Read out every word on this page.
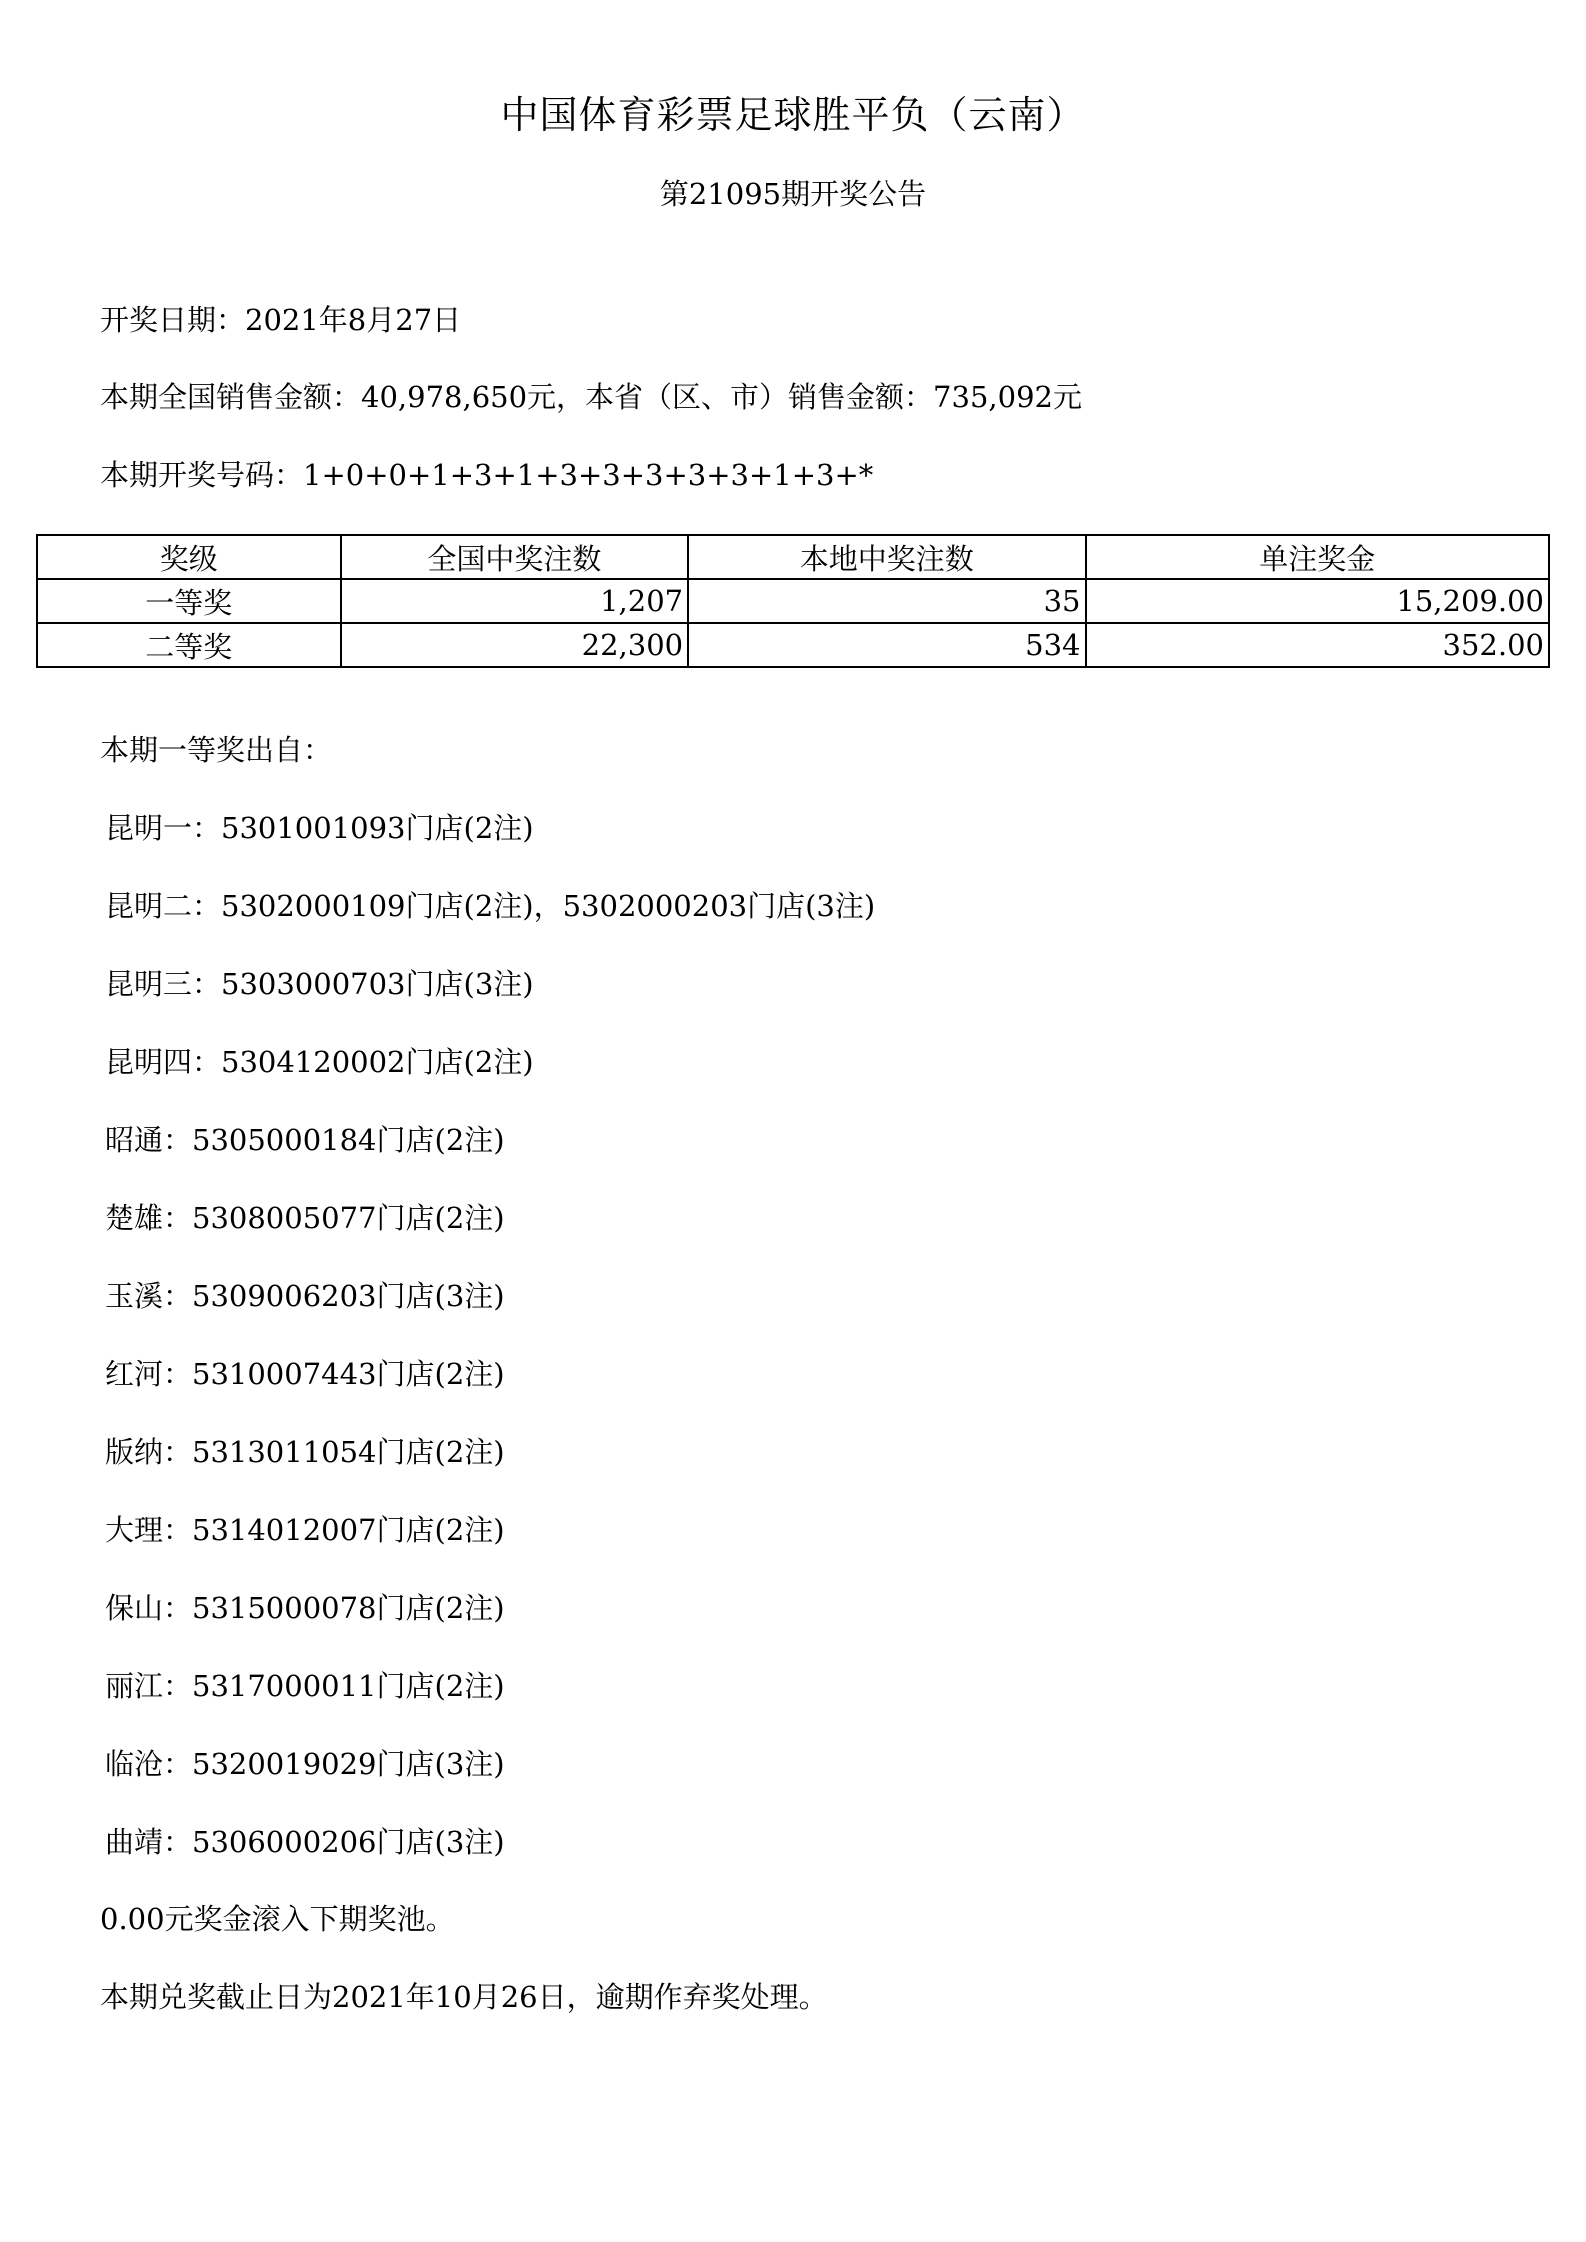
中国体育彩票足球胜平负（云南）
第21095期开奖公告
开奖日期：2021年8月27日
本期全国销售金额：40,978,650元，本省（区、市）销售金额：735,092元
本期开奖号码：1+0+0+1+3+1+3+3+3+3+3+1+3+*
奖级	全国中奖注数	本地中奖注数	单注奖金
一等奖	1,207	35	15,209.00
二等奖	22,300	534	352.00
本期一等奖出自：
昆明一：5301001093门店(2注)
昆明二：5302000109门店(2注)，5302000203门店(3注)
昆明三：5303000703门店(3注)
昆明四：5304120002门店(2注)
昭通：5305000184门店(2注)
楚雄：5308005077门店(2注)
玉溪：5309006203门店(3注)
红河：5310007443门店(2注)
版纳：5313011054门店(2注)
大理：5314012007门店(2注)
保山：5315000078门店(2注)
丽江：5317000011门店(2注)
临沧：5320019029门店(3注)
曲靖：5306000206门店(3注)
0.00元奖金滚入下期奖池。
本期兑奖截止日为2021年10月26日，逾期作弃奖处理。
